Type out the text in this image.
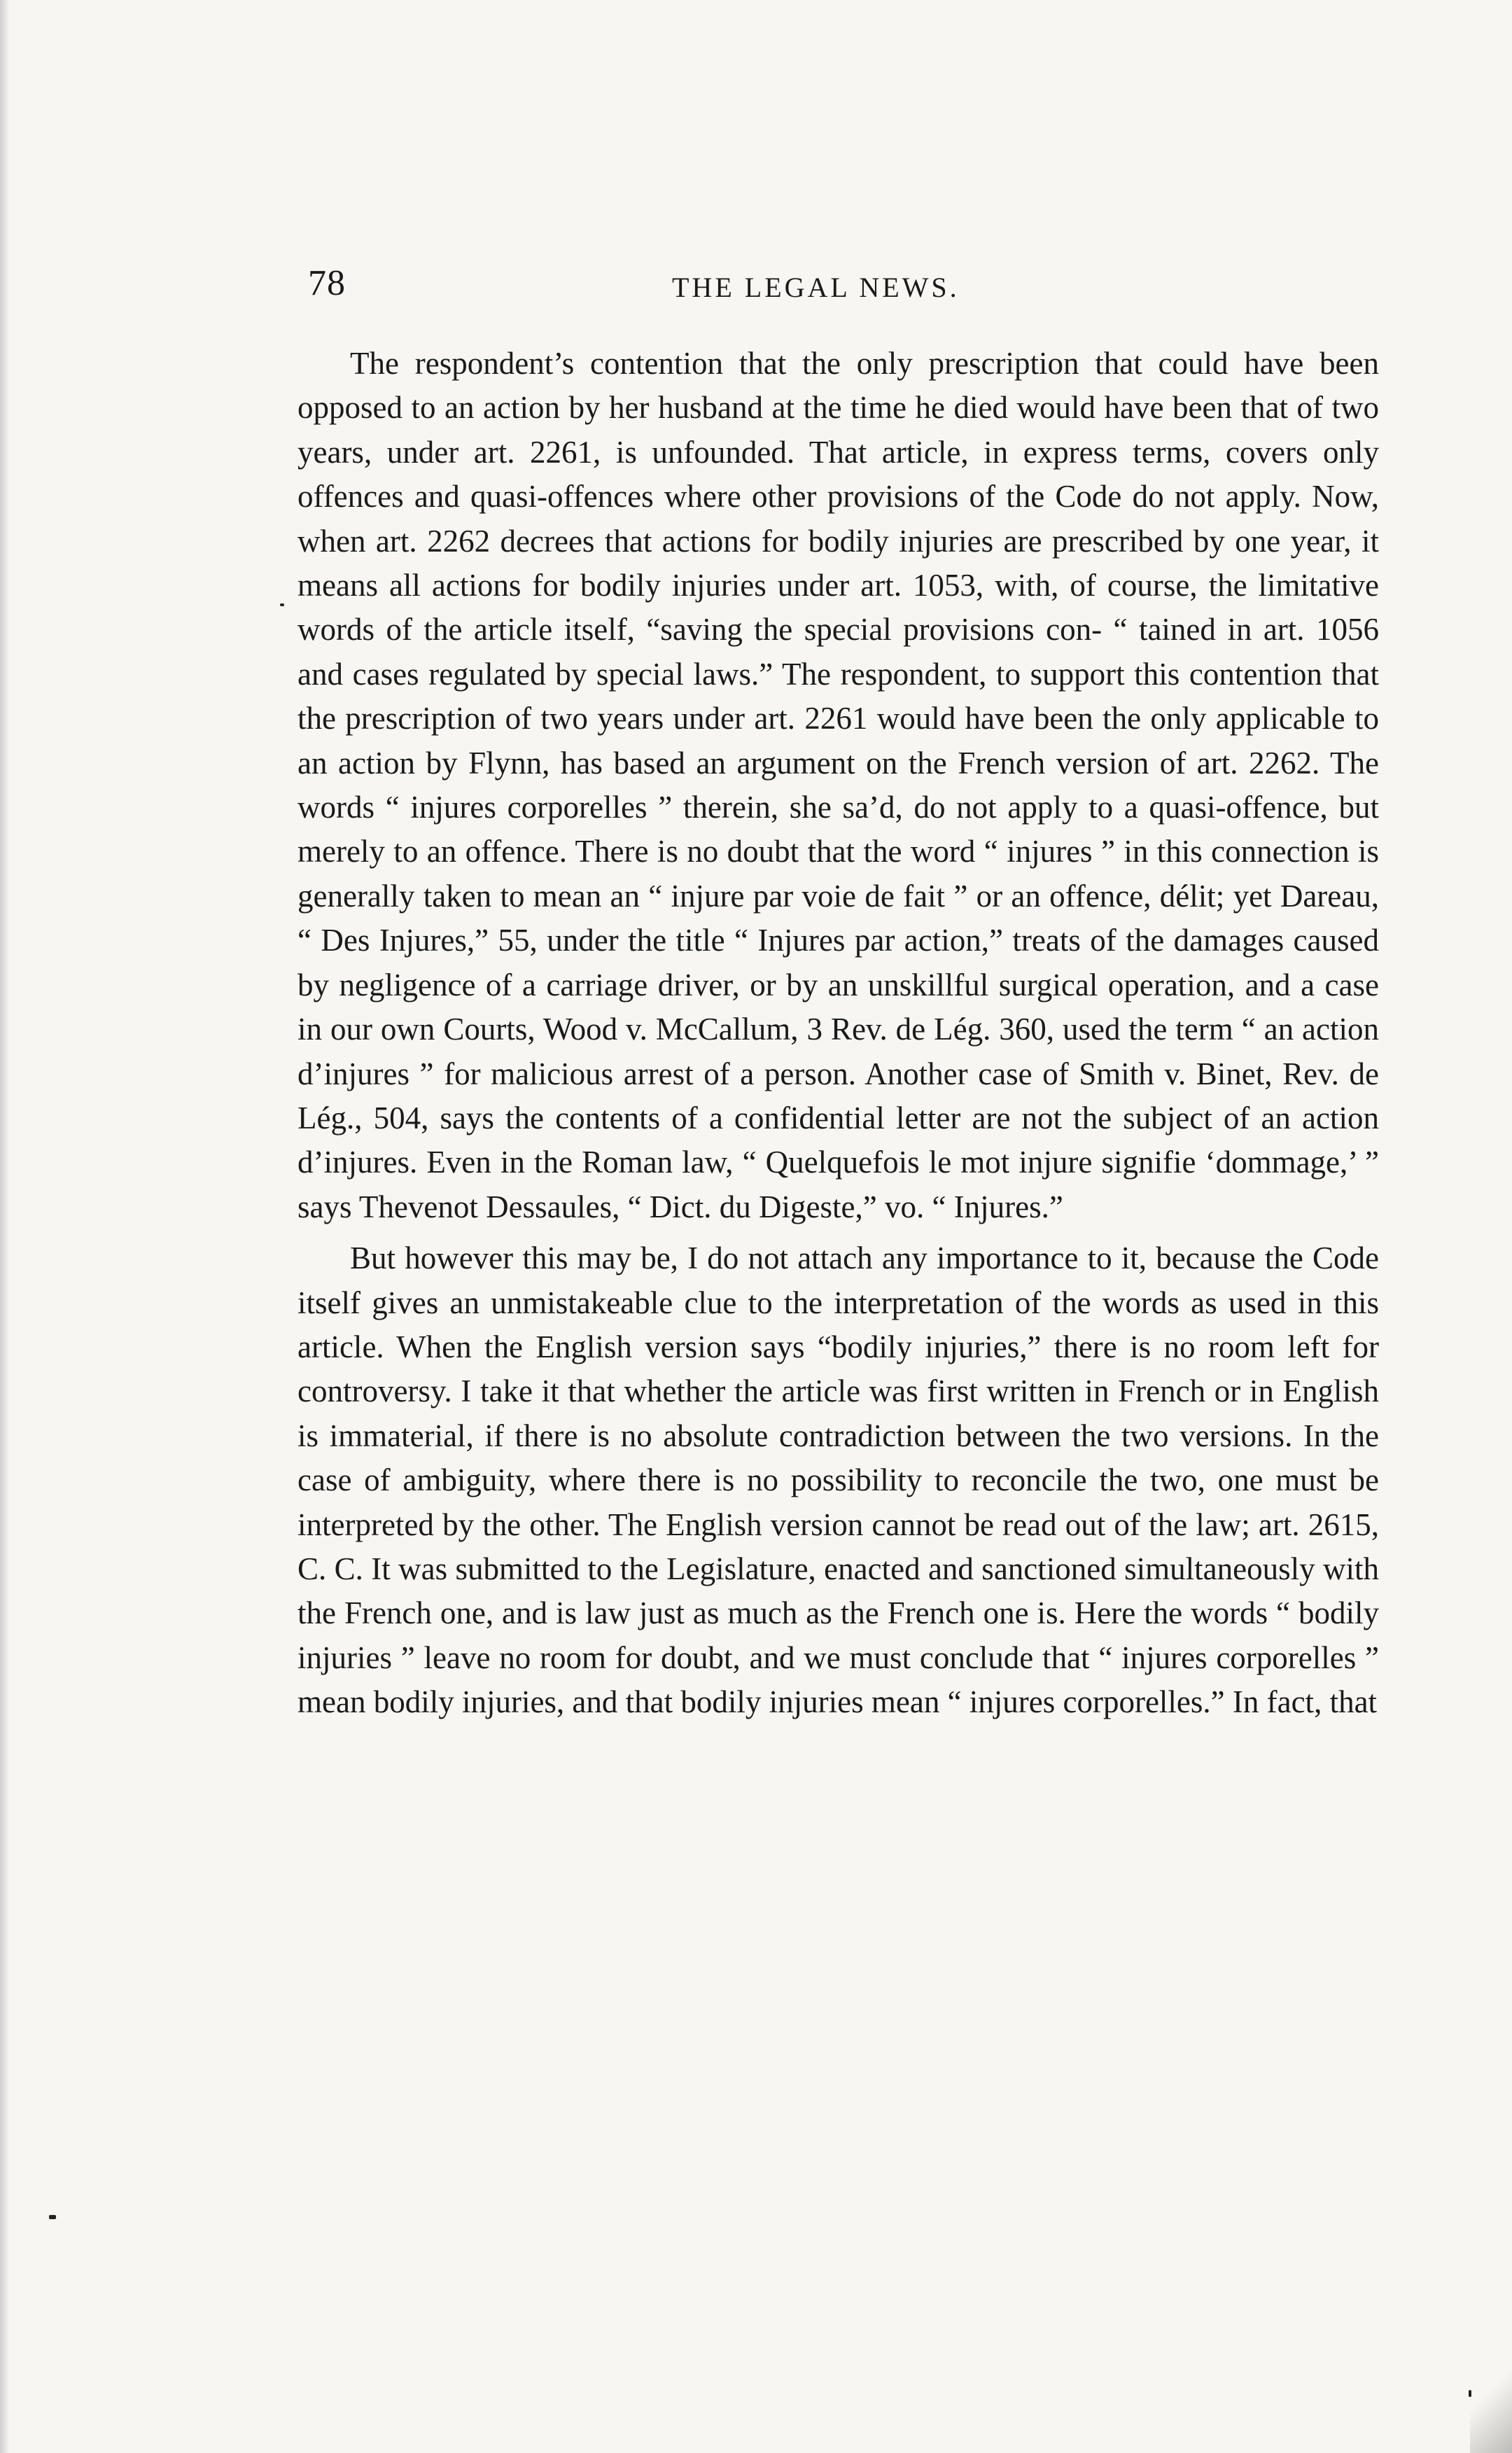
78	THE LEGAL NEWS.

The respondent’s contention that the only prescription that could have been opposed to an action by her husband at the time he died would have been that of two years, under art. 2261, is unfounded. That article, in express terms, covers only offences and quasi-offences where other provisions of the Code do not apply. Now, when art. 2262 decrees that actions for bodily injuries are prescribed by one year, it means all actions for bodily injuries under art. 1053, with, of course, the limitative words of the article itself, “saving the special provisions con- “ tained in art. 1056 and cases regulated by special laws.” The respondent, to support this contention that the prescription of two years under art. 2261 would have been the only applicable to an action by Flynn, has based an argument on the French version of art. 2262. The words “ injures corporelles ” therein, she sa’d, do not apply to a quasi-offence, but merely to an offence. There is no doubt that the word “ injures ” in this connection is generally taken to mean an “ injure par voie de fait ” or an offence, délit; yet Dareau, “ Des Injures,” 55, under the title “ Injures par action,” treats of the damages caused by negligence of a carriage driver, or by an unskillful surgical operation, and a case in our own Courts, Wood v. McCallum, 3 Rev. de Lég. 360, used the term “ an action d’injures ” for malicious arrest of a person. Another case of Smith v. Binet, Rev. de Lég., 504, says the contents of a confidential letter are not the subject of an action d’injures. Even in the Roman law, “ Quelquefois le mot injure signifie ‘dommage,’ ” says Thevenot Dessaules, “ Dict. du Digeste,” vo. “ Injures.”

But however this may be, I do not attach any importance to it, because the Code itself gives an unmistakeable clue to the interpretation of the words as used in this article. When the English version says “bodily injuries,” there is no room left for controversy. I take it that whether the article was first written in French or in English is immaterial, if there is no absolute contradiction between the two versions. In the case of ambiguity, where there is no possibility to reconcile the two, one must be interpreted by the other. The English version cannot be read out of the law; art. 2615, C. C. It was submitted to the Legislature, enacted and sanctioned simultaneously with the French one, and is law just as much as the French one is. Here the words “ bodily injuries ” leave no room for doubt, and we must conclude that “ injures corporelles ” mean bodily injuries, and that bodily injuries mean “ injures corporelles.” In fact, that
